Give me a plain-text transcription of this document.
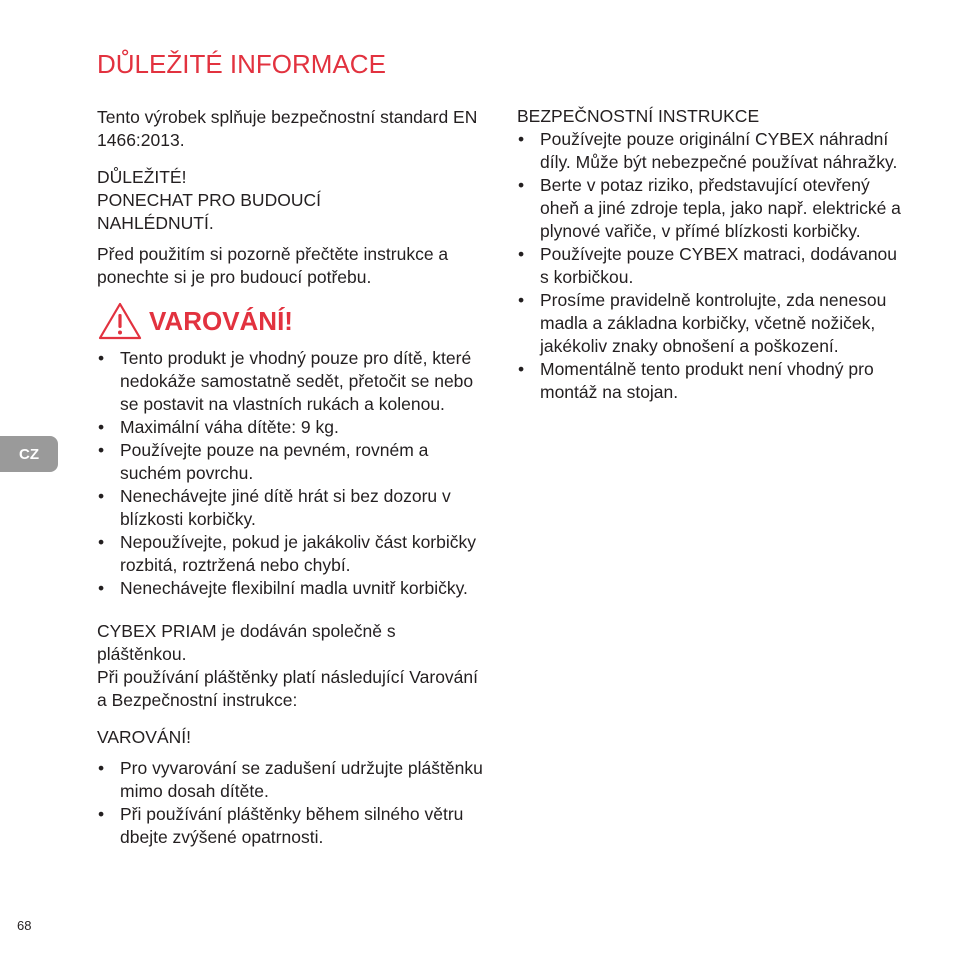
DŮLEŽITÉ INFORMACE

Tento výrobek splňuje bezpečnostní standard EN 1466:2013.

DŮLEŽITÉ!

PONECHAT PRO BUDOUCÍ

NAHLÉDNUTÍ.

Před použitím si pozorně přečtěte instrukce a ponechte si je pro budoucí potřebu.

VAROVÁNÍ!
• Tento produkt je vhodný pouze pro dítě, které nedokáže samostatně sedět, přetočit se nebo se postavit na vlastních rukách a kolenou.
• Maximální váha dítěte: 9 kg.
• Používejte pouze na pevném, rovném a suchém povrchu.
• Nenechávejte jiné dítě hrát si bez dozoru v blízkosti korbičky.
• Nepoužívejte, pokud je jakákoliv část korbičky rozbitá, roztržená nebo chybí.
• Nenechávejte flexibilní madla uvnitř korbičky.

CYBEX PRIAM je dodáván společně s pláštěnkou.

Při používání pláštěnky platí následující Varování a Bezpečnostní instrukce:

VAROVÁNÍ!

• Pro vyvarování se zadušení udržujte pláštěnku mimo dosah dítěte.
• Při používání pláštěnky během silného větru dbejte zvýšené opatrnosti.

BEZPEČNOSTNÍ INSTRUKCE

• Používejte pouze originální CYBEX náhradní díly. Může být nebezpečné používat náhražky.
• Berte v potaz riziko, představující otevřený oheň a jiné zdroje tepla, jako např. elektrické a plynové vařiče, v přímé blízkosti korbičky.
• Používejte pouze CYBEX matraci, dodávanou s korbičkou.
• Prosíme pravidelně kontrolujte, zda nenesou madla a základna korbičky, včetně nožiček, jakékoliv znaky obnošení a poškození.
• Momentálně tento produkt není vhodný pro montáž na stojan.
CZ
68
